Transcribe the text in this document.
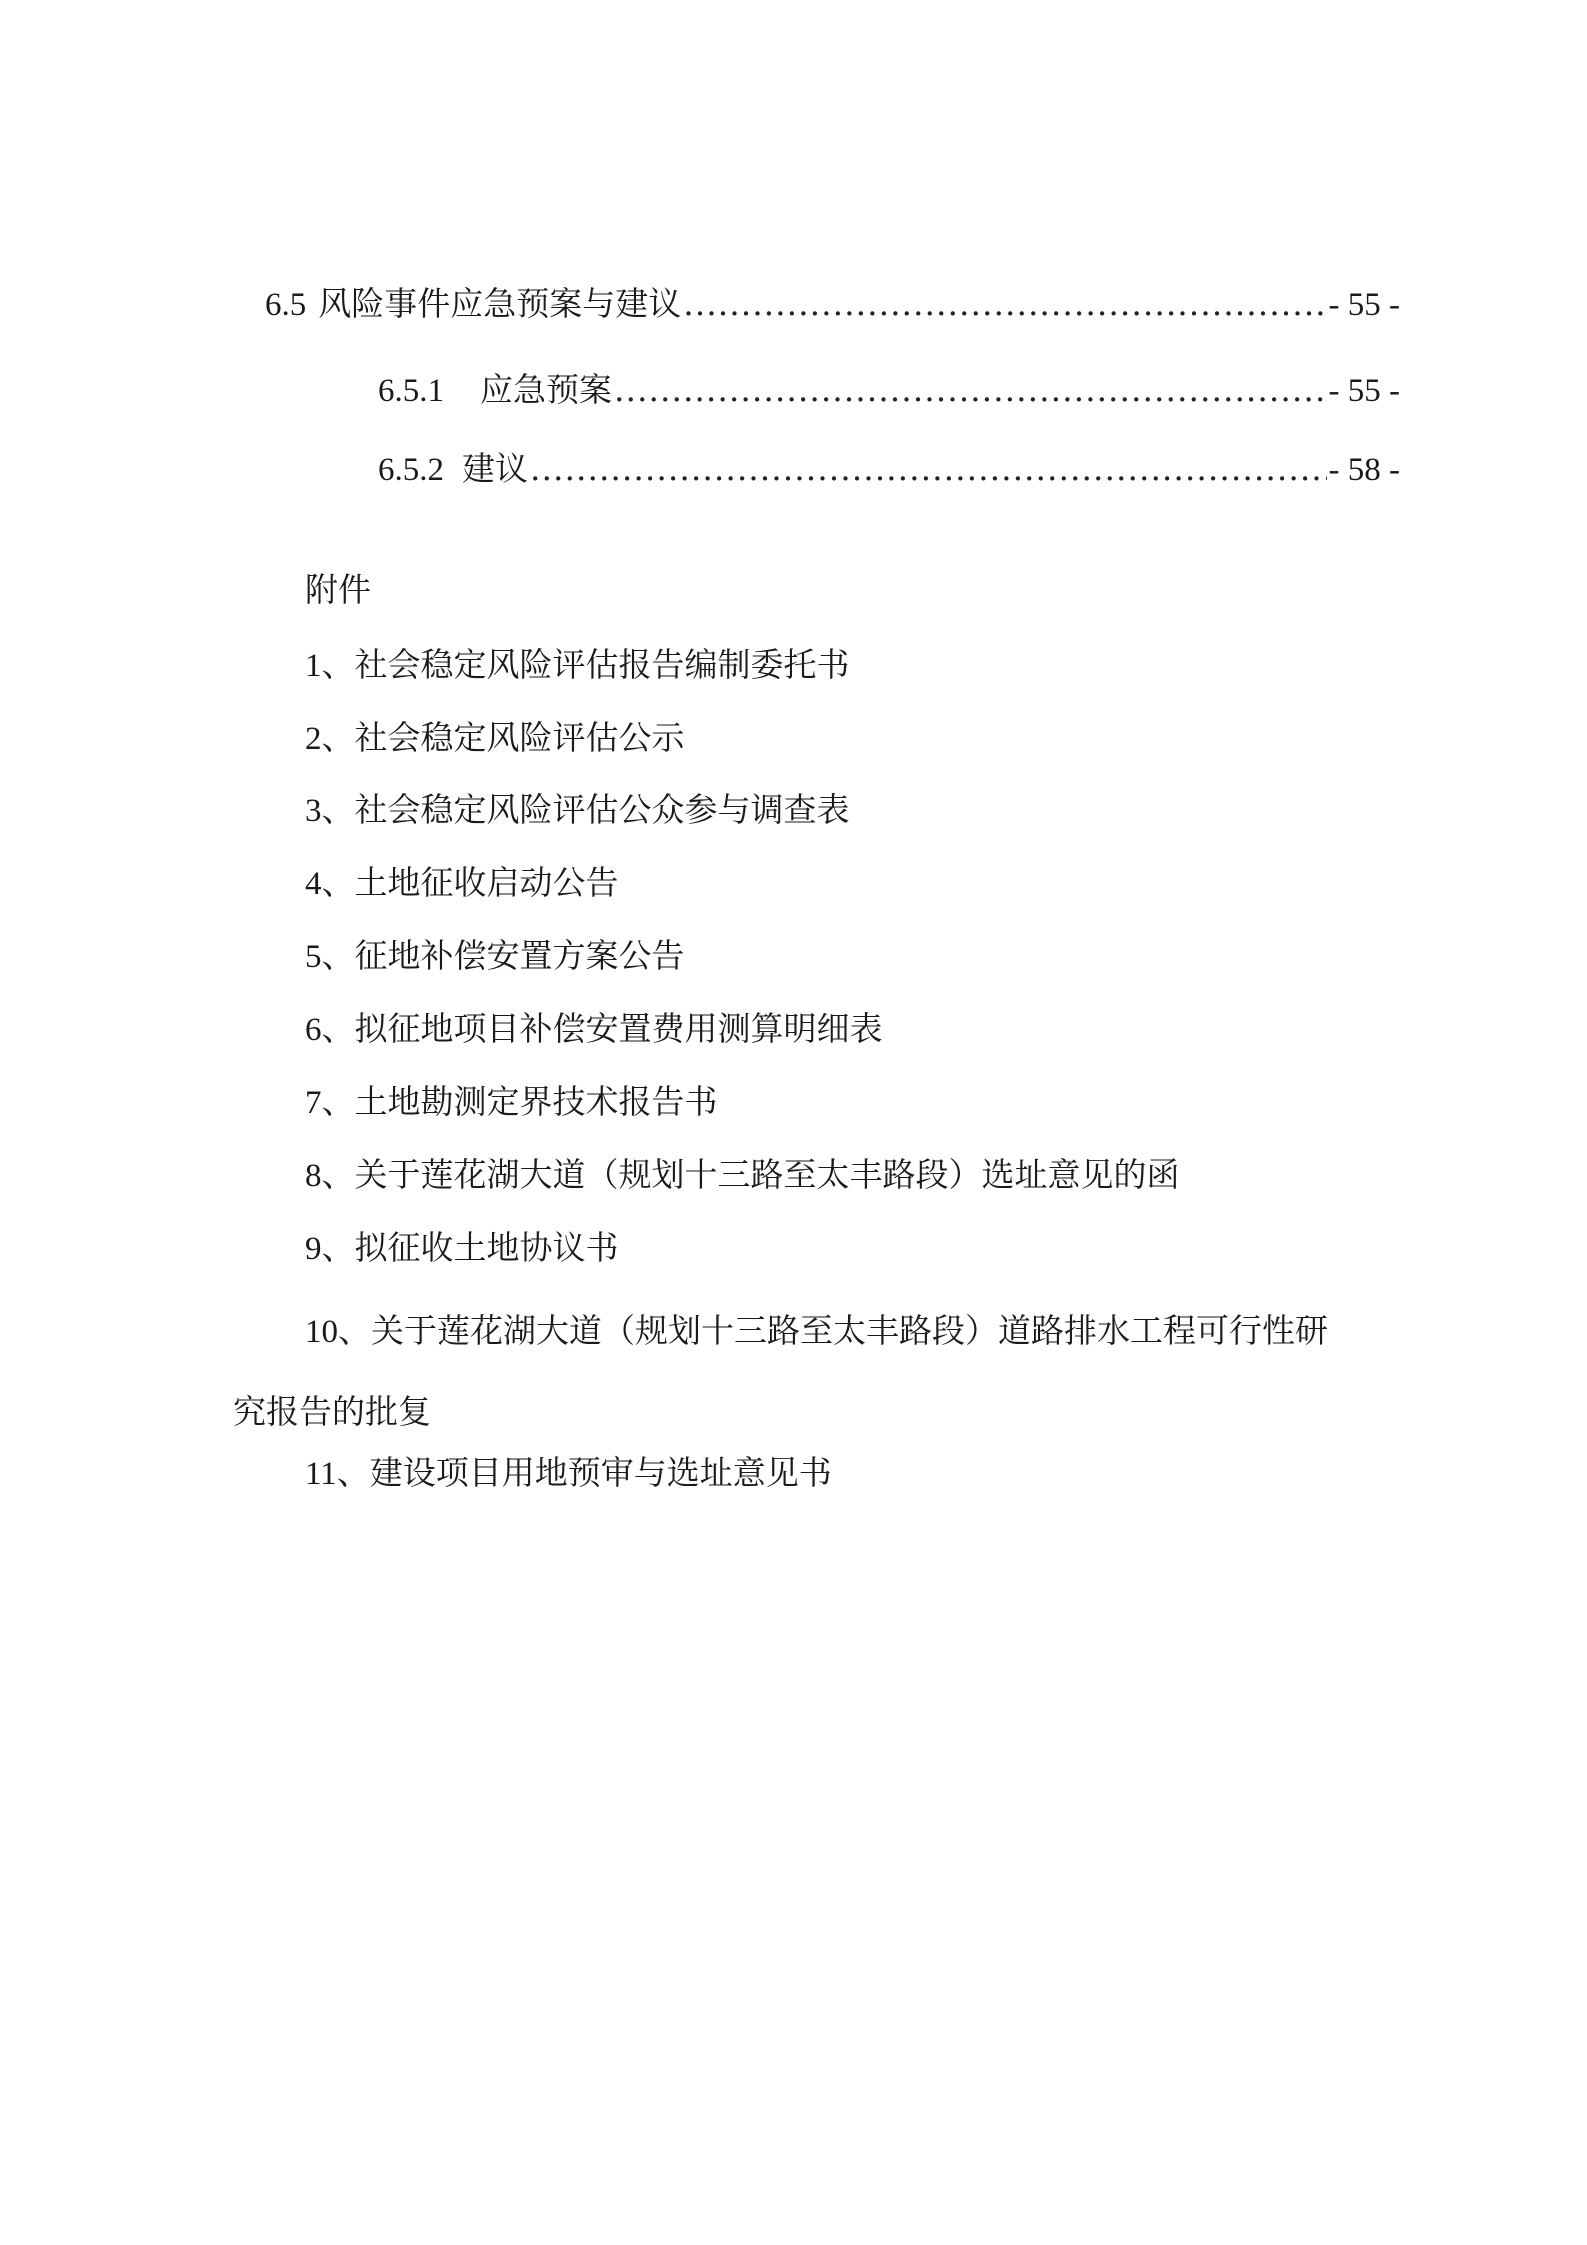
6.5 风险事件应急预案与建议 .....	- 55 -
6.5.1 应急预案 .....	- 55 -
6.5.2 建议 .....	- 58 -
附件
1、社会稳定风险评估报告编制委托书
2、社会稳定风险评估公示
3、社会稳定风险评估公众参与调查表
4、土地征收启动公告
5、征地补偿安置方案公告
6、拟征地项目补偿安置费用测算明细表
7、土地勘测定界技术报告书
8、关于莲花湖大道（规划十三路至太丰路段）选址意见的函
9、拟征收土地协议书
10、关于莲花湖大道（规划十三路至太丰路段）道路排水工程可行性研究报告的批复
11、建设项目用地预审与选址意见书
